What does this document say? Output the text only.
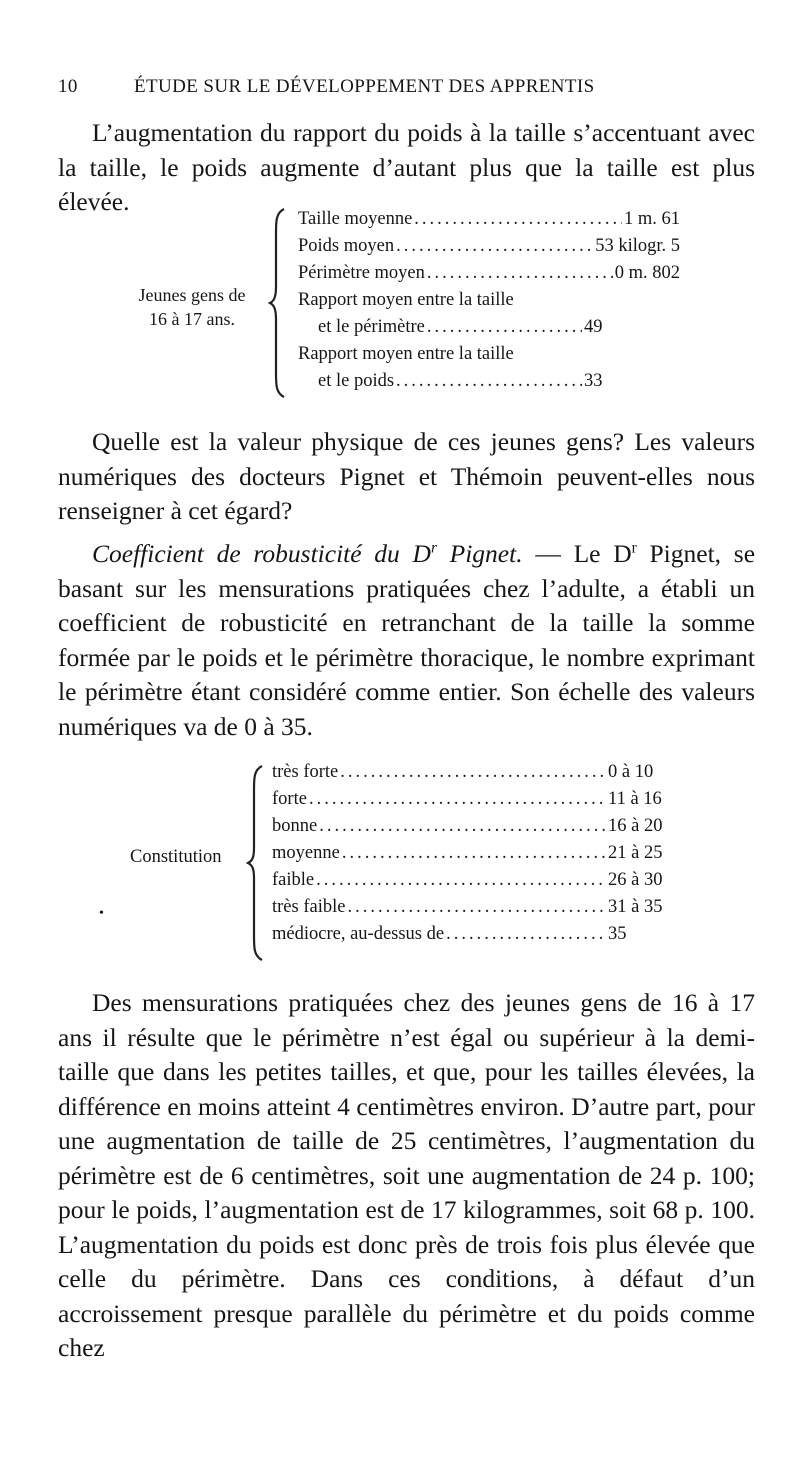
10	ÉTUDE SUR LE DÉVELOPPEMENT DES APPRENTIS

L’augmentation du rapport du poids à la taille s’accentuant avec la taille, le poids augmente d’autant plus que la taille est plus élevée.

Jeunes gens de
16 à 17 ans.
Taille moyenne .....	1 m. 61
Poids moyen .....	53 kilogr. 5
Périmètre moyen .....	0 m. 802
Rapport moyen entre la taille
et le périmètre .....	49
Rapport moyen entre la taille
et le poids .....	33

Quelle est la valeur physique de ces jeunes gens? Les valeurs numériques des docteurs Pignet et Thémoin peuvent-elles nous renseigner à cet égard?

Coefficient de robusticité du $D^r$ Pignet. — Le $D^r$ Pignet, se basant sur les mensurations pratiquées chez l’adulte, a établi un coefficient de robusticité en retranchant de la taille la somme formée par le poids et le périmètre thoracique, le nombre exprimant le périmètre étant considéré comme entier. Son échelle des valeurs numériques va de 0 à 35.

Constitution
très forte .....	0 à 10
forte .....	11 à 16
bonne .....	16 à 20
moyenne .....	21 à 25
faible .....	26 à 30
très faible .....	31 à 35
médiocre, au-dessus de .....	35
•

Des mensurations pratiquées chez des jeunes gens de 16 à 17 ans il résulte que le périmètre n’est égal ou supérieur à la demi-taille que dans les petites tailles, et que, pour les tailles élevées, la différence en moins atteint 4 centimètres environ. D’autre part, pour une augmentation de taille de 25 centimètres, l’augmentation du périmètre est de 6 centimètres, soit une augmentation de 24 p. 100; pour le poids, l’augmentation est de 17 kilogrammes, soit 68 p. 100. L’augmentation du poids est donc près de trois fois plus élevée que celle du périmètre. Dans ces conditions, à défaut d’un accroissement presque parallèle du périmètre et du poids comme chez
